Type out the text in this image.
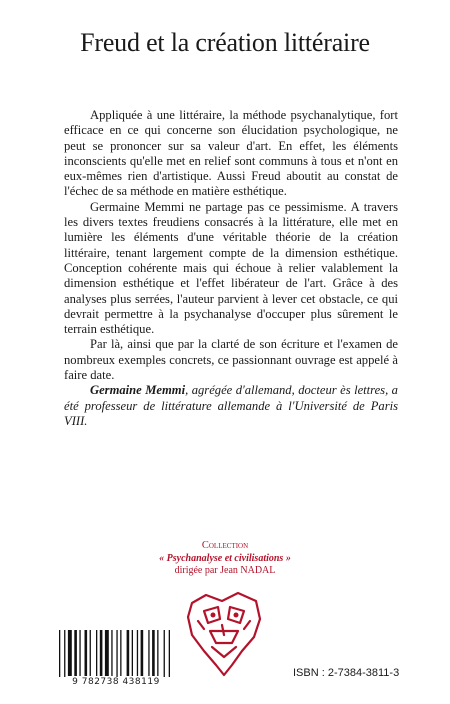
Freud et la création littéraire

Appliquée à une littéraire, la méthode psychanalytique, fort efficace en ce qui concerne son élucidation psychologique, ne peut se prononcer sur sa valeur d'art. En effet, les éléments inconscients qu'elle met en relief sont communs à tous et n'ont en eux-mêmes rien d'artistique. Aussi Freud aboutit au constat de l'échec de sa méthode en matière esthétique.

Germaine Memmi ne partage pas ce pessimisme. A travers les divers textes freudiens consacrés à la littérature, elle met en lumière les éléments d'une véritable théorie de la création littéraire, tenant largement compte de la dimension esthétique. Conception cohérente mais qui échoue à relier valablement la dimension esthétique et l'effet libérateur de l'art. Grâce à des analyses plus serrées, l'auteur parvient à lever cet obstacle, ce qui devrait permettre à la psychanalyse d'occuper plus sûrement le terrain esthétique.

Par là, ainsi que par la clarté de son écriture et l'examen de nombreux exemples concrets, ce passionnant ouvrage est appelé à faire date.

Germaine Memmi, agrégée d'allemand, docteur ès lettres, a été professeur de littérature allemande à l'Université de Paris VIII.

Collection
« Psychanalyse et civilisations »
dirigée par Jean NADAL
9 782738 438119
ISBN : 2-7384-3811-3
